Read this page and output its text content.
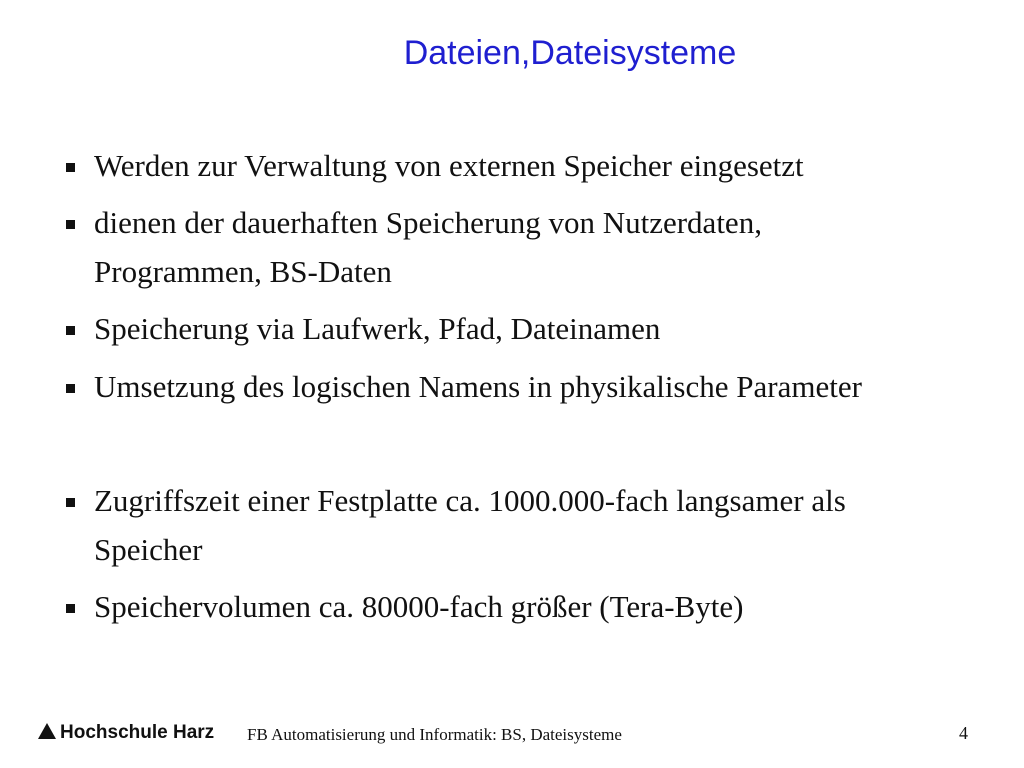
Dateien,Dateisysteme
Werden zur Verwaltung von externen Speicher eingesetzt
dienen der dauerhaften Speicherung von Nutzerdaten,
Programmen, BS-Daten
Speicherung via Laufwerk, Pfad, Dateinamen
Umsetzung des logischen Namens in physikalische Parameter
Zugriffszeit einer Festplatte ca. 1000.000-fach langsamer als
Speicher
Speichervolumen ca. 80000-fach größer (Tera-Byte)
Hochschule Harz FB Automatisierung und Informatik: BS, Dateisysteme	4
